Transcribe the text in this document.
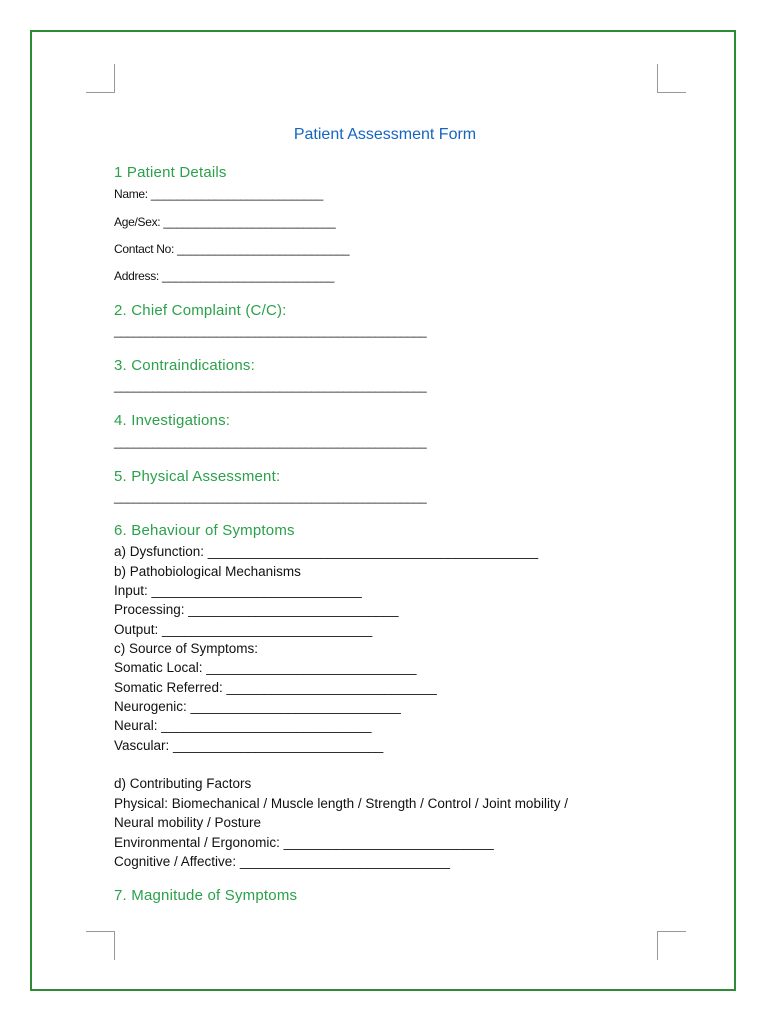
Patient Assessment Form
1 Patient Details
Name: ___________________________
Age/Sex: ___________________________
Contact No: ___________________________
Address: ___________________________
2. Chief Complaint (C/C):
_________________________________________________
3. Contraindications:
_________________________________________________
4. Investigations:
_________________________________________________
5. Physical Assessment:
_________________________________________________
6. Behaviour of Symptoms
a) Dysfunction: ____________________________________________
b) Pathobiological Mechanisms
Input: ____________________________
Processing: ____________________________
Output: ____________________________
c) Source of Symptoms:
Somatic Local: ____________________________
Somatic Referred: ____________________________
Neurogenic: ____________________________
Neural: ____________________________
Vascular: ____________________________
d) Contributing Factors
Physical: Biomechanical / Muscle length / Strength / Control / Joint mobility /
Neural mobility / Posture
Environmental / Ergonomic: ____________________________
Cognitive / Affective: ____________________________
7. Magnitude of Symptoms
